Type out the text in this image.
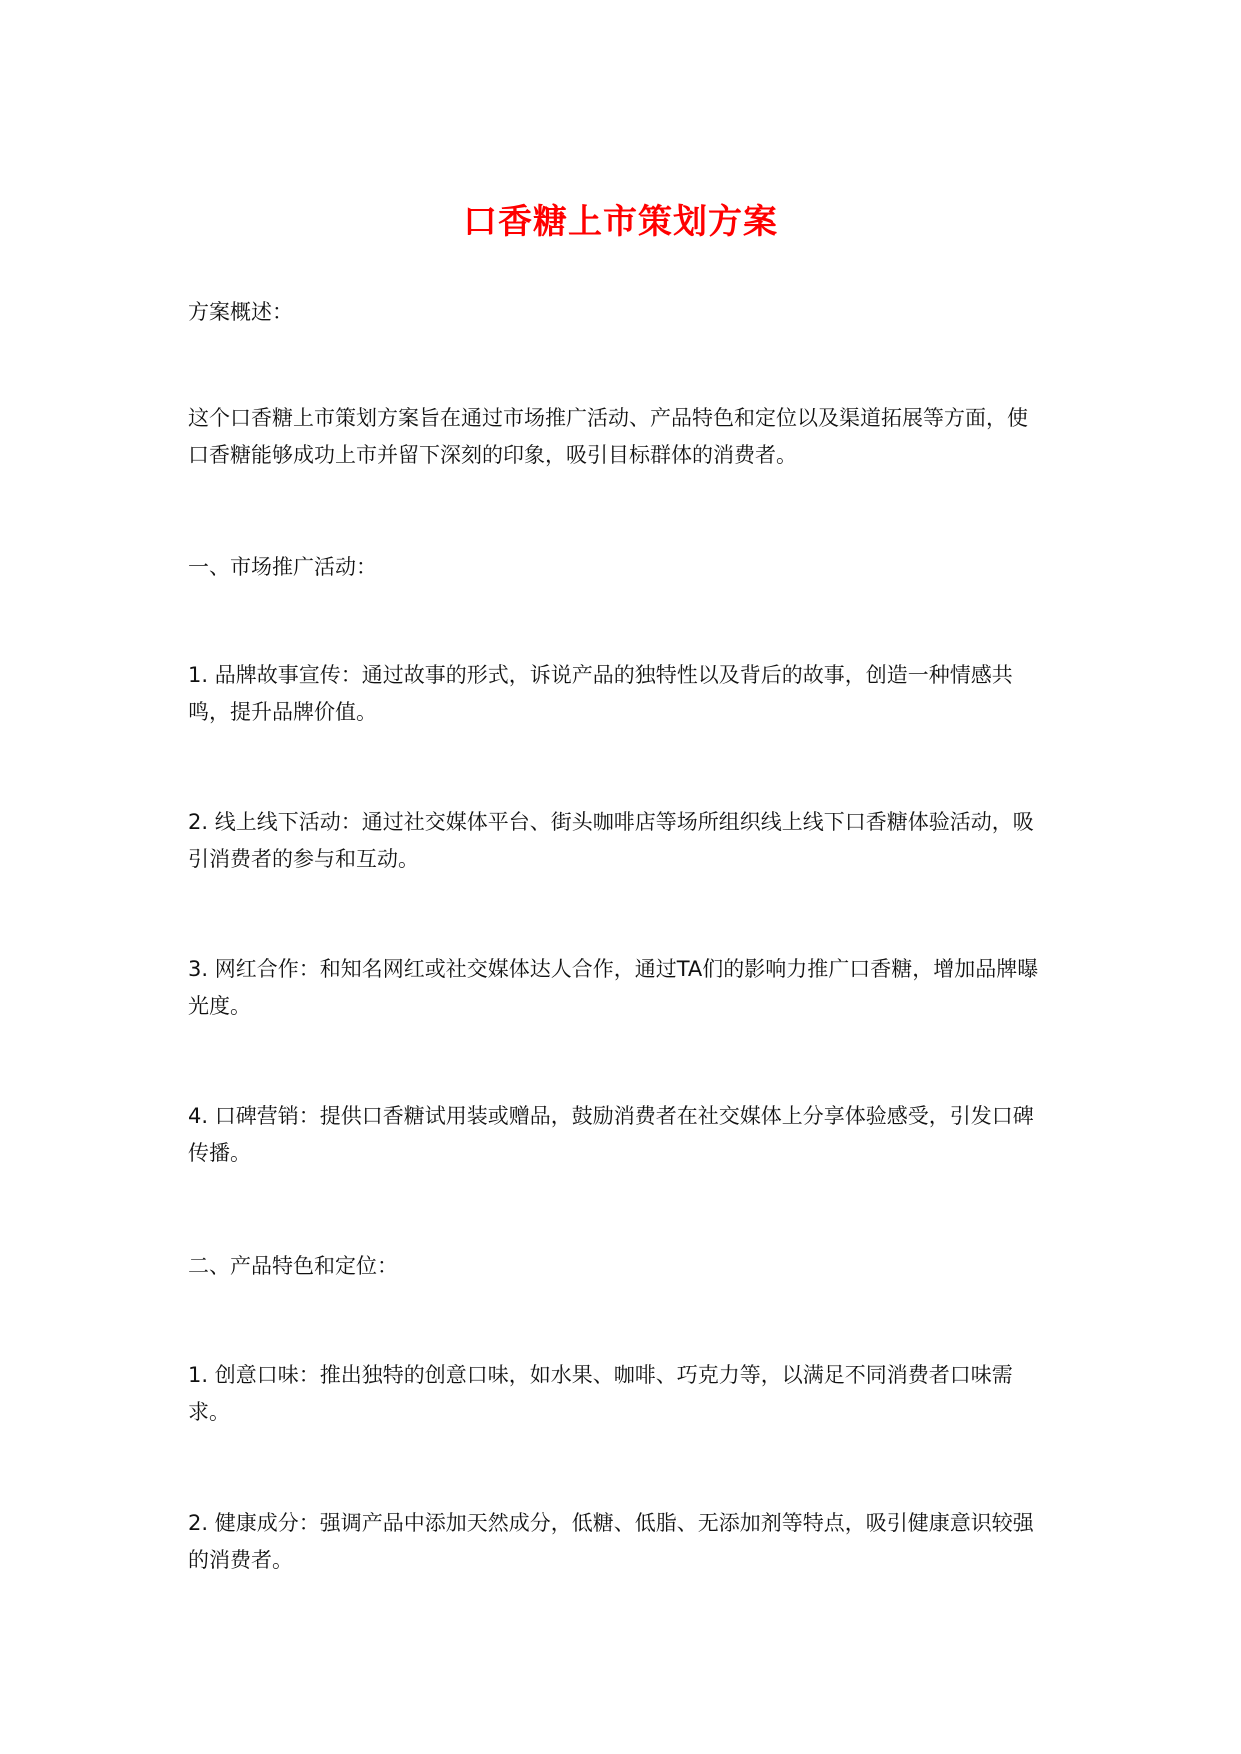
口香糖上市策划方案

方案概述：

这个口香糖上市策划方案旨在通过市场推广活动、产品特色和定位以及渠道拓展等方面，使口香糖能够成功上市并留下深刻的印象，吸引目标群体的消费者。

一、市场推广活动：

1. 品牌故事宣传：通过故事的形式，诉说产品的独特性以及背后的故事，创造一种情感共鸣，提升品牌价值。

2. 线上线下活动：通过社交媒体平台、街头咖啡店等场所组织线上线下口香糖体验活动，吸引消费者的参与和互动。

3. 网红合作：和知名网红或社交媒体达人合作，通过TA们的影响力推广口香糖，增加品牌曝光度。

4. 口碑营销：提供口香糖试用装或赠品，鼓励消费者在社交媒体上分享体验感受，引发口碑传播。

二、产品特色和定位：

1. 创意口味：推出独特的创意口味，如水果、咖啡、巧克力等，以满足不同消费者口味需求。

2. 健康成分：强调产品中添加天然成分，低糖、低脂、无添加剂等特点，吸引健康意识较强的消费者。
